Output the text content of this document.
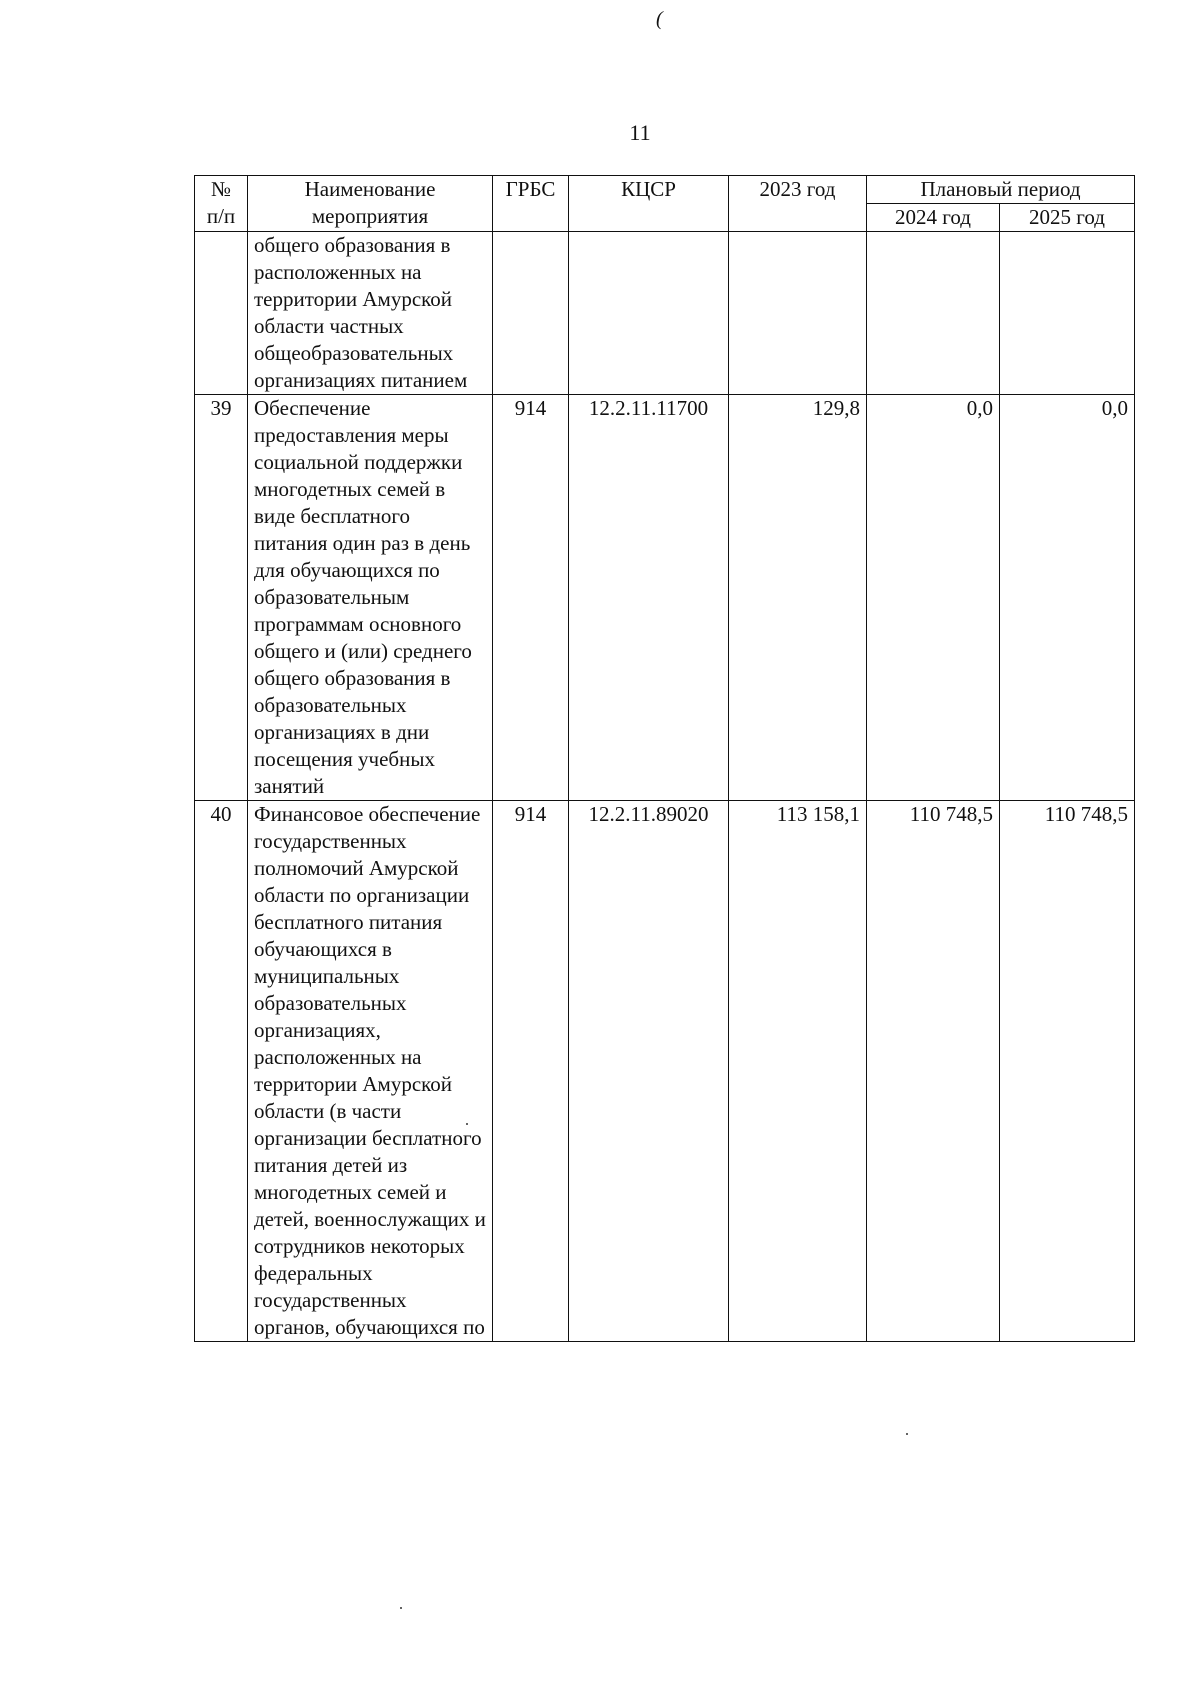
(
11
№ п/п	Наименование мероприятия	ГРБС	КЦСР	2023 год	Плановый период	
					2024 год	2025 год
	общего образования в расположенных на территории Амурской области частных общеобразовательных организациях питанием					
39	Обеспечение предоставления меры социальной поддержки многодетных семей в виде бесплатного питания один раз в день для обучающихся по образовательным программам основного общего и (или) среднего общего образования в образовательных организациях в дни посещения учебных занятий	914	12.2.11.11700	129,8	0,0	0,0
40	Финансовое обеспечение государственных полномочий Амурской области по организации бесплатного питания обучающихся в муниципальных образовательных организациях, расположенных на территории Амурской области (в части организации бесплатного питания детей из многодетных семей и детей, военнослужащих и сотрудников некоторых федеральных государственных органов, обучающихся по	914	12.2.11.89020	113 158,1	110 748,5	110 748,5
